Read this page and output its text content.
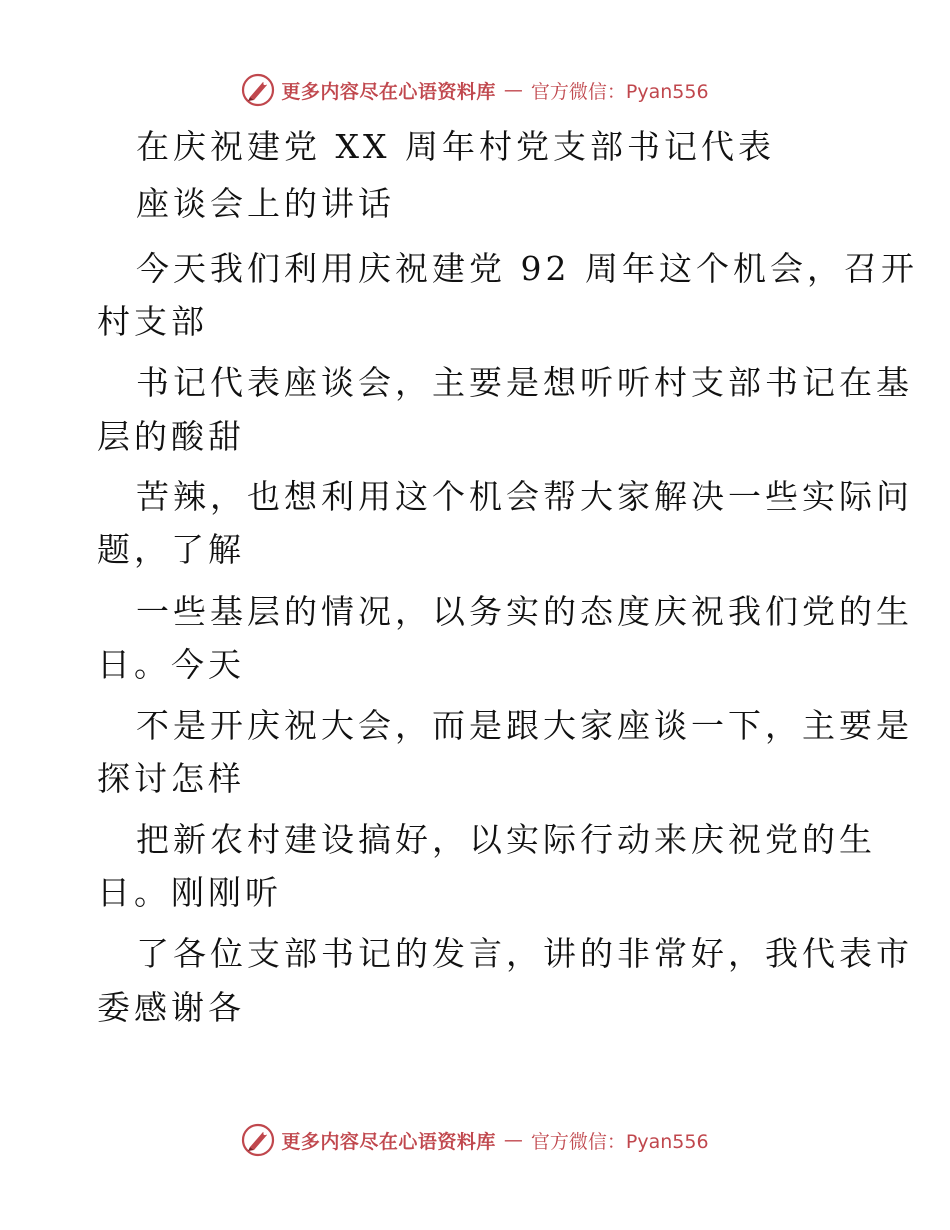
更多内容尽在心语资料库 — 官方微信：Pyan556
在庆祝建党 XX 周年村党支部书记代表
座谈会上的讲话
今天我们利用庆祝建党 92 周年这个机会，召开
村支部
书记代表座谈会，主要是想听听村支部书记在基
层的酸甜
苦辣，也想利用这个机会帮大家解决一些实际问
题，了解
一些基层的情况，以务实的态度庆祝我们党的生
日。今天
不是开庆祝大会，而是跟大家座谈一下，主要是
探讨怎样
把新农村建设搞好，以实际行动来庆祝党的生
日。刚刚听
了各位支部书记的发言，讲的非常好，我代表市
委感谢各
更多内容尽在心语资料库 — 官方微信：Pyan556
